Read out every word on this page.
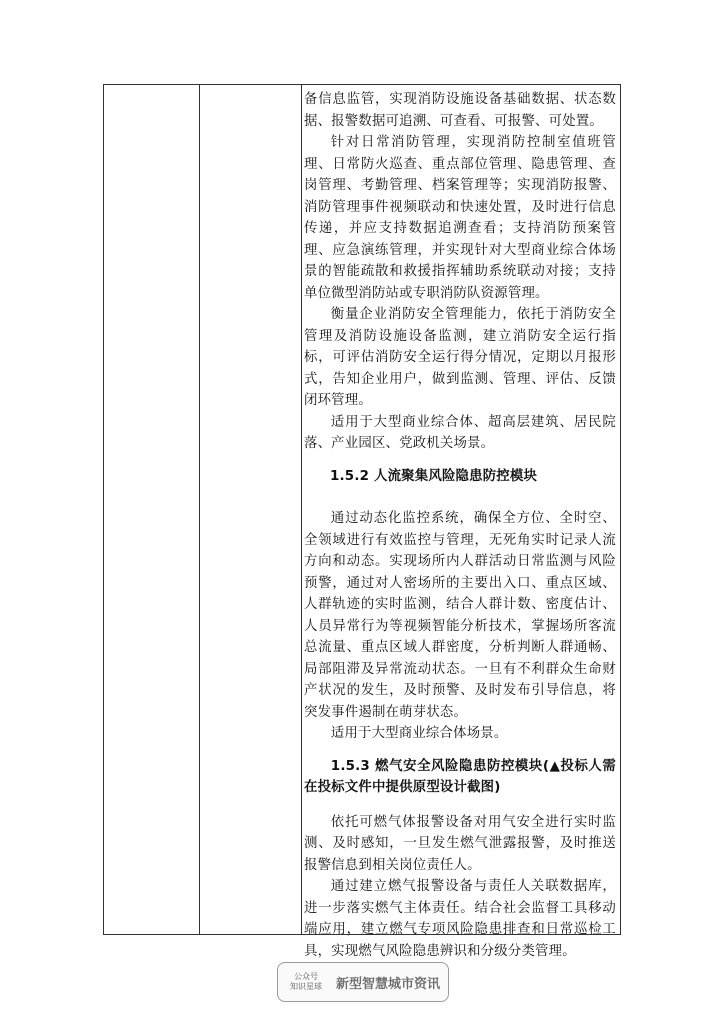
备信息监管，实现消防设施设备基础数据、状态数据、报警数据可追溯、可查看、可报警、可处置。

针对日常消防管理，实现消防控制室值班管理、日常防火巡查、重点部位管理、隐患管理、查岗管理、考勤管理、档案管理等；实现消防报警、消防管理事件视频联动和快速处置，及时进行信息传递，并应支持数据追溯查看；支持消防预案管理、应急演练管理，并实现针对大型商业综合体场景的智能疏散和救援指挥辅助系统联动对接；支持单位微型消防站或专职消防队资源管理。

衡量企业消防安全管理能力，依托于消防安全管理及消防设施设备监测，建立消防安全运行指标，可评估消防安全运行得分情况，定期以月报形式，告知企业用户，做到监测、管理、评估、反馈闭环管理。

适用于大型商业综合体、超高层建筑、居民院落、产业园区、党政机关场景。

1.5.2 人流聚集风险隐患防控模块

通过动态化监控系统，确保全方位、全时空、全领域进行有效监控与管理，无死角实时记录人流方向和动态。实现场所内人群活动日常监测与风险预警，通过对人密场所的主要出入口、重点区域、人群轨迹的实时监测，结合人群计数、密度估计、人员异常行为等视频智能分析技术，掌握场所客流总流量、重点区域人群密度，分析判断人群通畅、局部阻滞及异常流动状态。一旦有不利群众生命财产状况的发生，及时预警、及时发布引导信息，将突发事件遏制在萌芽状态。

适用于大型商业综合体场景。

1.5.3 燃气安全风险隐患防控模块(▲投标人需在投标文件中提供原型设计截图)

依托可燃气体报警设备对用气安全进行实时监测、及时感知，一旦发生燃气泄露报警，及时推送报警信息到相关岗位责任人。

通过建立燃气报警设备与责任人关联数据库，进一步落实燃气主体责任。结合社会监督工具移动端应用，建立燃气专项风险隐患排查和日常巡检工具，实现燃气风险隐患辨识和分级分类管理。

公众号
知识星球 新型智慧城市资讯
